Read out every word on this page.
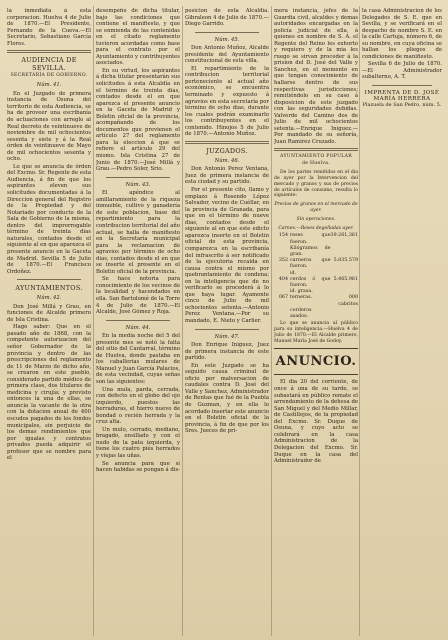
la inmediata à esta corporacion. Huelva 4 de Julio de 1870.—El Presidente, Fernando de la Cueva.—El Secretario, Sebastiano García Flores.

AUDIENCIA DE SEVILLA.
SECRETARÍA DE GOBIERNO.
Núm. 41.

En el Juzgado de primera instancia de Osuna del territorio de esta Audiencia, se ha de proveer una escribanía de actuaciones con arreglo al Real decreto de veintinueve de noviembre de mil ochocientos sesenta y siete y á la Real órden de veintinueve de Mayo de mil ochocientos sesenta y ocho.

Lo que se anuncia de órden del Excmo. Sr. Regente de esta Audiencia, á fin de que los aspirantes eleven sus solicitudes documentadas á la Direccion general del Registro de la Propiedad y del Notariado por conducto de la Sala de Gobierno de la misma, dentro del improrrogable término de treinta dias naturales, contados desde el siguiente al en que aparezca el presente anuncio en la Gaceta de Madrid. Sevilla 5 de Julio de 1870.—El Francisco Ordoñez.

AYUNTAMIENTOS.
Núm. 42.

Don José Millá y Grau, en funciones de Alcalde primero de Isla Cristina.

Hago saber: Que en el pasado año de 1868, con la competente autorizacion del señor Gobernador de la provincia y dentro de las prescripciones del reglamento de 11 de Marzo de dicho año, se crearon en este pueblo, considerado partido médico de primera clase, dos titulares de medicina y cirujía; y previsto entonces la una de ellas, se anuncia la vacante de la otra con la dotacion anual de 400 escudos pagados de los fondos municipales, sin perjuicio de los demas rendimientos que por igualas y contratos privados pueda adquirir el profesor que se nombre para el

desempeño de dicha titular, bajo las condiciones que contiene el manifiesto, y que se enmienda de las contenidas en el citado reglamento tuvieron acordadas como base para el contrato por el Ayuntamiento y contribuyentes asociados.

En su virtud, los aspirantes á dicha titular presentarán sus solicitudes á esta Alcaldía en el término de treinta dias, contados desde el en que aparezca el presente anuncio en la Gaceta de Madrid y Boletin oficial de la provincia, acompañando de los documentos que previenen el artículo 27 del reglamento para la eleccion á que se refiere el artículo 29 del mismo. Isla Cristina 27 de Junio de 1870.—José Millá y Grau.—Pedro Soler, Srio.

Núm. 43.

El apéndice al amillaramiento de la riqueza inmueble, cultivo y ganadería de este poblacion, base del repartimiento para la contribucion territorial del año actual, se halla de manifiesto en la Secretaría municipal para la reclamacion de agravios por término de ocho dias, contados desde el en que se inserte el presente en el Boletin oficial de la provincia.

Se hace notoria para conocimiento de los vecinos de la localidad y hacendados en ella. San Bartolomé de la Torre 4 de Julio de 1870.—El Alcalde, José Gómez y Roja.

Núm. 44.

En la media noche del 5 del presente mes se notó la falta del sitio del Cantarral, término de Huelva, donde pastaba en los caballerías mulares de Manuel y Juan García Palacios, de esta vecindad, cuyas señas son las siguientes:

Una mula, parda, cerrada, con defecto en el globo del ojo izquierdo, puestos las herraduras, el hierro nuevo de bondad o recién herrada y la cruz alta.

Un mulo, cerrado, mediano, bragado, ensillado y con el nudo de la pata izquierda, y tiene los cuatro piés herrados y viejas las uñas.

Se anuncia para que si hacen habidas se pongan á dis-

posicion de esta Alcaldía. Gibraleon 4 de Julio de 1870.—Diego Garrido.

Núm. 45.

Don Antonio Muñoz, Alcalde presidente del Ayuntamiento constitucional de esta villa.

El repartimiento de la contribucion territorial perteneciente al actual año económico, se encuentra terminado y expuesto á agravios en esta secretaría por término de ocho dias, durante los cuales podrán examinarlo los contribuyentes en el contenido. Hinojos 5 de Julio de 1870.—Antonio Muñoz.

JUZGADOS.
Núm. 46.

Don Antonio Perez Ventana, Juez de primera instancia de esta ciudad y su partido.

Por el presente cito, llamo y emplazo á Rosendo López Salvador, vecino de Cuéllar, en la provincia de Granada, para que en el término de nueve dias, contados desde el siguiente al en que este edicto aparezca inserto en el Boletin oficial de esta provincia, comparezca en la escribanía del infrascrito á ser notificado de la ejecutoria recaida en causa contra el mismo por quebrantamiento de condena; en la inteligencia que de no verificarlo se procederá á lo que haya lugar. Ayamonte cinco de Julio de mil ochocientos setenta.—Antonio Perez Ventana.—Por su mandado, E. Nieto y Carlier.

Núm. 47.

Don Enrique Iniguez, Juez de primera instancia de este partido.

En este Juzgado se ha seguido causa criminal de oficio por malversacion de caudales contra D. José del Valle y Sanchez, Administrador de Rentas que fué de la Puebla de Guzman, y en ella lo acordado insertar este anuncio en el Boletin oficial de la provincia, á fin de que por los Sres. Jueces de pri-

mera instancia, jefes de la Guardia civil, alcaldes y demas autoridades encargadas en la policía judicial de ella, á quienes en nombre de S. A. el Regente del Reino les exhorto y requiero y de la mia les ruego se sirvan proceder á la prision del D. José del Valle y Sanchez, en el momento en que tengan conocimiento de hallarse dentro de sus respectivas jurisdicciones; remitiéndolo en su caso á disposicion de este juzgado con las seguridades debidas. Valverde del Camino dos de Julio de mil ochocientos setenta.—Enrique Iniguez.—Por mandado de su señoría, Juan Ramirez Cruzado.

AYUNTAMIENTO POPULAR
de Huelva.

De los partes remitidos en el dia de ayer por la Intervencion del mercado y granos y sus de precios de artículos de consumo, resulta lo siguiente:

Precios de granos en el mercado de ayer.
Sin operaciones.
Carnes.—Reses degolladas ayer.
154	reses que fueron.	39.261,361
	Kilógramos de gran.	
352	carneros que fueron.	5.835.579
	id.	
404	cerdos ó que fueron.	5.465.961
	id. grasa.	
067	terneras.	000 cabritos
	corderos asados.	

Lo que se anuncia al público para su inteligencia.—Huelva 4 de Julio de 1870.—El Alcalde primero, Manuel María José de Godoy.

ANUNCIO.

El dia 20 del corriente, de once á una de su tarde, se subastará en público remate el arrendamiento de la dehesa de San Miguel y del Medio Millar, de Castillejos, de la propiedad del Excmo. Sr. Duque de Osuna, y cuyo acto se celebrará en la casa Administracion de la Delegacion del Excmo. Sr. Duque en la casa del Administrador de

la casa Administracion de los Delegados de S. E. que en Sevilla, y se verificará en el despacho de nombre S. E. en la calle Cartuja, número 6, de su nombre, en cuya oficina se hallan los pliegos de condiciones de manifiesto.

Sevilla 6 de Julio de 1870.—El Administrador subalterno, A. T.

IMPRENTA DE D. JOSÉ MARÍA HERRERA
Plazuela de San Pedro, núm. 5.
